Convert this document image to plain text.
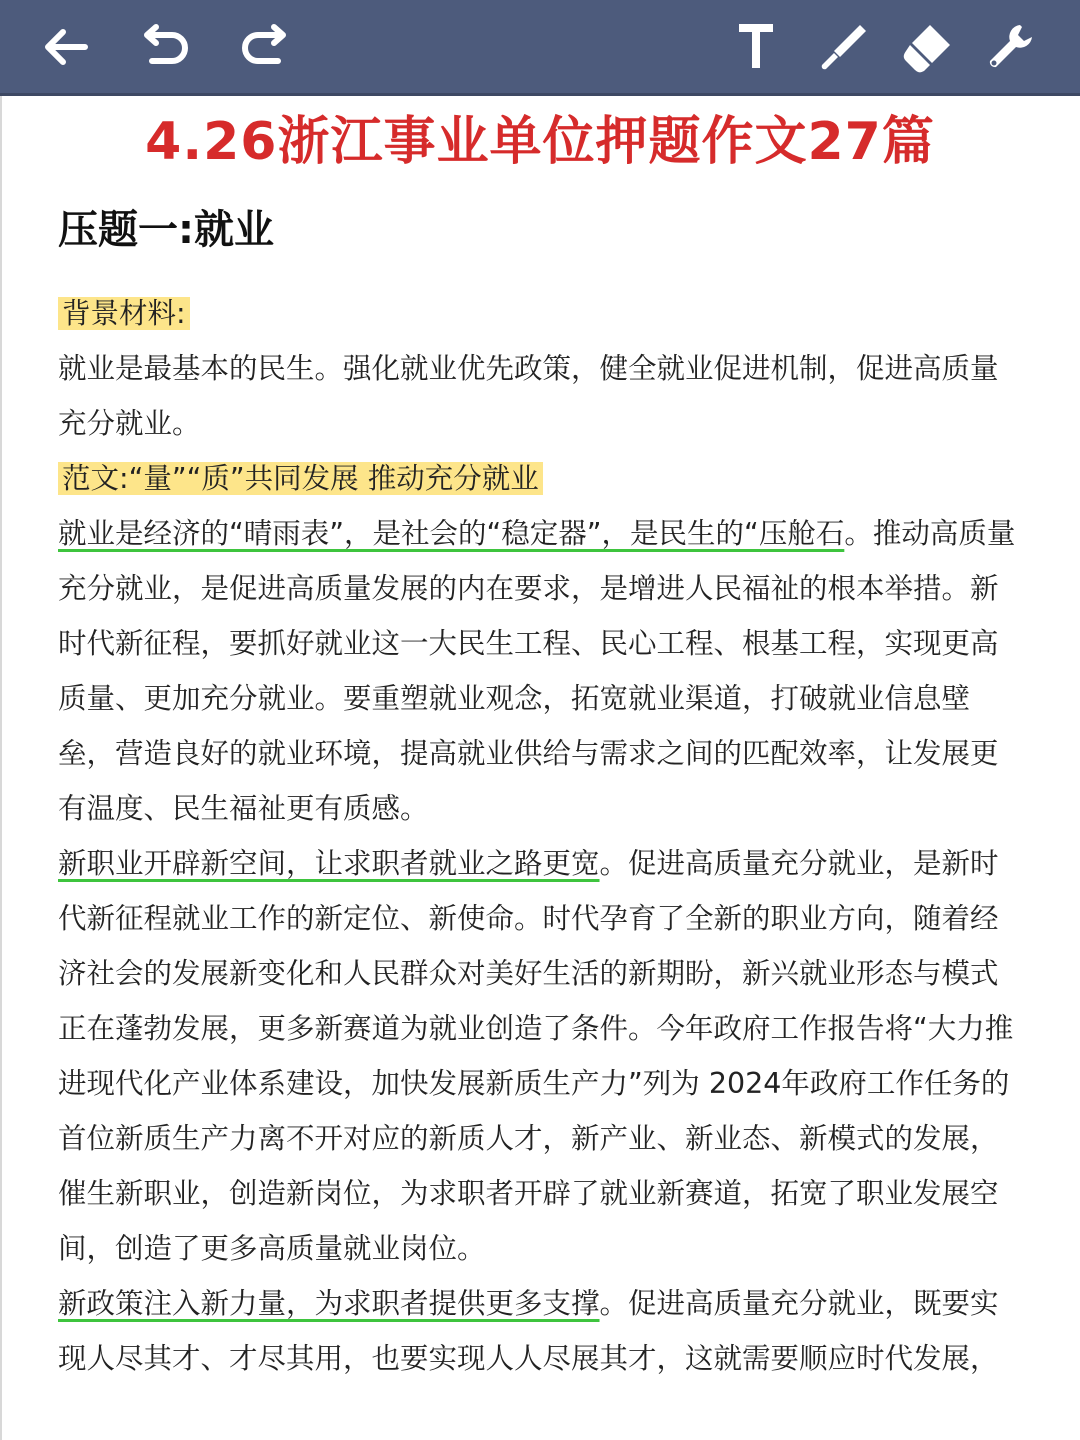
4.26浙江事业单位押题作文27篇
压题一:就业

背景材料:

就业是最基本的民生。强化就业优先政策，健全就业促进机制，促进高质量充分就业。

范文:“量”“质”共同发展 推动充分就业

就业是经济的“晴雨表”，是社会的“稳定器”，是民生的“压舱石。推动高质量充分就业，是促进高质量发展的内在要求，是增进人民福祉的根本举措。新时代新征程，要抓好就业这一大民生工程、民心工程、根基工程，实现更高质量、更加充分就业。要重塑就业观念，拓宽就业渠道，打破就业信息壁垒，营造良好的就业环境，提高就业供给与需求之间的匹配效率，让发展更有温度、民生福祉更有质感。

新职业开辟新空间，让求职者就业之路更宽。促进高质量充分就业，是新时代新征程就业工作的新定位、新使命。时代孕育了全新的职业方向，随着经济社会的发展新变化和人民群众对美好生活的新期盼，新兴就业形态与模式正在蓬勃发展，更多新赛道为就业创造了条件。今年政府工作报告将“大力推进现代化产业体系建设，加快发展新质生产力”列为 2024年政府工作任务的首位新质生产力离不开对应的新质人才，新产业、新业态、新模式的发展，催生新职业，创造新岗位，为求职者开辟了就业新赛道，拓宽了职业发展空间，创造了更多高质量就业岗位。

新政策注入新力量，为求职者提供更多支撑。促进高质量充分就业，既要实现人尽其才、才尽其用，也要实现人人尽展其才，这就需要顺应时代发展，
